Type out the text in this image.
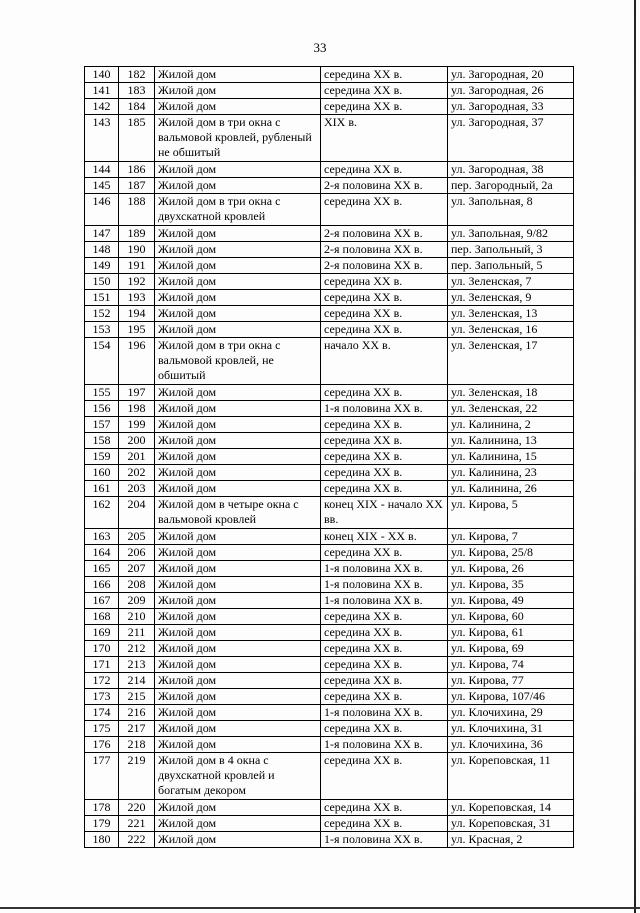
33
140	182	Жилой дом	середина XX в.	ул. Загородная, 20
141	183	Жилой дом	середина XX в.	ул. Загородная, 26
142	184	Жилой дом	середина XX в.	ул. Загородная, 33
143	185	Жилой дом в три окна с вальмовой кровлей, рубленый не обшитый	XIX в.	ул. Загородная, 37
144	186	Жилой дом	середина XX в.	ул. Загородная, 38
145	187	Жилой дом	2-я половина XX в.	пер. Загородный, 2а
146	188	Жилой дом в три окна с двухскатной кровлей	середина XX в.	ул. Запольная, 8
147	189	Жилой дом	2-я половина XX в.	ул. Запольная, 9/82
148	190	Жилой дом	2-я половина XX в.	пер. Запольный, 3
149	191	Жилой дом	2-я половина XX в.	пер. Запольный, 5
150	192	Жилой дом	середина XX в.	ул. Зеленская, 7
151	193	Жилой дом	середина XX в.	ул. Зеленская, 9
152	194	Жилой дом	середина XX в.	ул. Зеленская, 13
153	195	Жилой дом	середина XX в.	ул. Зеленская, 16
154	196	Жилой дом в три окна с вальмовой кровлей, не обшитый	начало XX в.	ул. Зеленская, 17
155	197	Жилой дом	середина XX в.	ул. Зеленская, 18
156	198	Жилой дом	1-я половина XX в.	ул. Зеленская, 22
157	199	Жилой дом	середина XX в.	ул. Калинина, 2
158	200	Жилой дом	середина XX в.	ул. Калинина, 13
159	201	Жилой дом	середина XX в.	ул. Калинина, 15
160	202	Жилой дом	середина XX в.	ул. Калинина, 23
161	203	Жилой дом	середина XX в.	ул. Калинина, 26
162	204	Жилой дом в четыре окна с вальмовой кровлей	конец XIX - начало XX вв.	ул. Кирова, 5
163	205	Жилой дом	конец XIX - XX в.	ул. Кирова, 7
164	206	Жилой дом	середина XX в.	ул. Кирова, 25/8
165	207	Жилой дом	1-я половина XX в.	ул. Кирова, 26
166	208	Жилой дом	1-я половина XX в.	ул. Кирова, 35
167	209	Жилой дом	1-я половина XX в.	ул. Кирова, 49
168	210	Жилой дом	середина XX в.	ул. Кирова, 60
169	211	Жилой дом	середина XX в.	ул. Кирова, 61
170	212	Жилой дом	середина XX в.	ул. Кирова, 69
171	213	Жилой дом	середина XX в.	ул. Кирова, 74
172	214	Жилой дом	середина XX в.	ул. Кирова, 77
173	215	Жилой дом	середина XX в.	ул. Кирова, 107/46
174	216	Жилой дом	1-я половина XX в.	ул. Клочихина, 29
175	217	Жилой дом	середина XX в.	ул. Клочихина, 31
176	218	Жилой дом	1-я половина XX в.	ул. Клочихина, 36
177	219	Жилой дом в 4 окна с двухскатной кровлей и богатым декором	середина XX в.	ул. Кореповская, 11
178	220	Жилой дом	середина XX в.	ул. Кореповская, 14
179	221	Жилой дом	середина XX в.	ул. Кореповская, 31
180	222	Жилой дом	1-я половина XX в.	ул. Красная, 2
